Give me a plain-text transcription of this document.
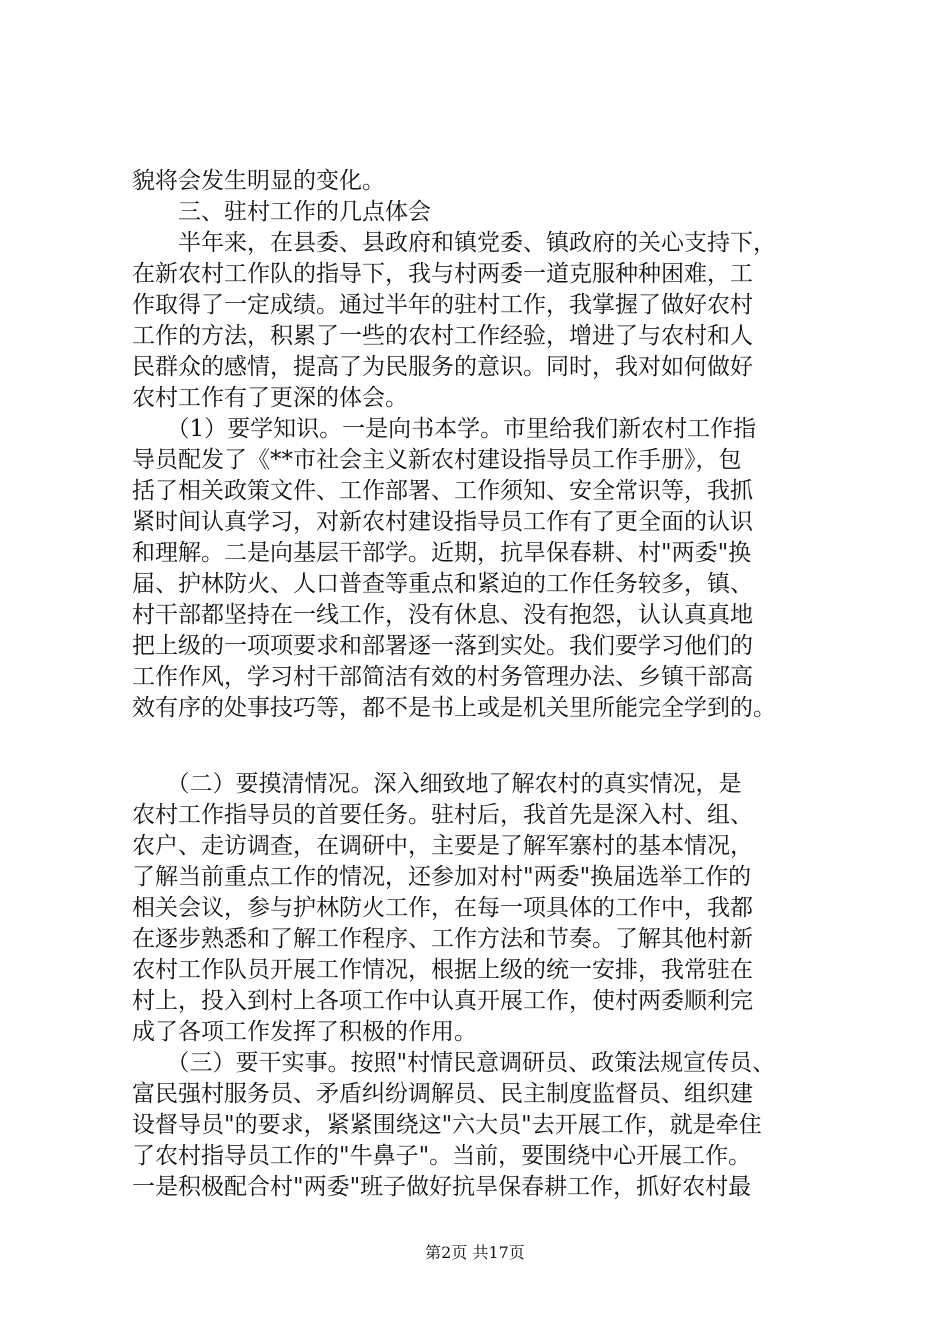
貌将会发生明显的变化。
　　三、驻村工作的几点体会
　　半年来，在县委、县政府和镇党委、镇政府的关心支持下，
在新农村工作队的指导下，我与村两委一道克服种种困难，工
作取得了一定成绩。通过半年的驻村工作，我掌握了做好农村
工作的方法，积累了一些的农村工作经验，增进了与农村和人
民群众的感情，提高了为民服务的意识。同时，我对如何做好
农村工作有了更深的体会。
　　（1）要学知识。一是向书本学。市里给我们新农村工作指
导员配发了《**市社会主义新农村建设指导员工作手册》，包
括了相关政策文件、工作部署、工作须知、安全常识等，我抓
紧时间认真学习，对新农村建设指导员工作有了更全面的认识
和理解。二是向基层干部学。近期，抗旱保春耕、村"两委"换
届、护林防火、人口普查等重点和紧迫的工作任务较多，镇、
村干部都坚持在一线工作，没有休息、没有抱怨，认认真真地
把上级的一项项要求和部署逐一落到实处。我们要学习他们的
工作作风，学习村干部简洁有效的村务管理办法、乡镇干部高
效有序的处事技巧等，都不是书上或是机关里所能完全学到的。
　　（二）要摸清情况。深入细致地了解农村的真实情况，是
农村工作指导员的首要任务。驻村后，我首先是深入村、组、
农户、走访调查，在调研中，主要是了解军寨村的基本情况，
了解当前重点工作的情况，还参加对村"两委"换届选举工作的
相关会议，参与护林防火工作，在每一项具体的工作中，我都
在逐步熟悉和了解工作程序、工作方法和节奏。了解其他村新
农村工作队员开展工作情况，根据上级的统一安排，我常驻在
村上，投入到村上各项工作中认真开展工作，使村两委顺利完
成了各项工作发挥了积极的作用。
　　（三）要干实事。按照"村情民意调研员、政策法规宣传员、
富民强村服务员、矛盾纠纷调解员、民主制度监督员、组织建
设督导员"的要求，紧紧围绕这"六大员"去开展工作，就是牵住
了农村指导员工作的"牛鼻子"。当前，要围绕中心开展工作。
一是积极配合村"两委"班子做好抗旱保春耕工作，抓好农村最
第2页 共17页
